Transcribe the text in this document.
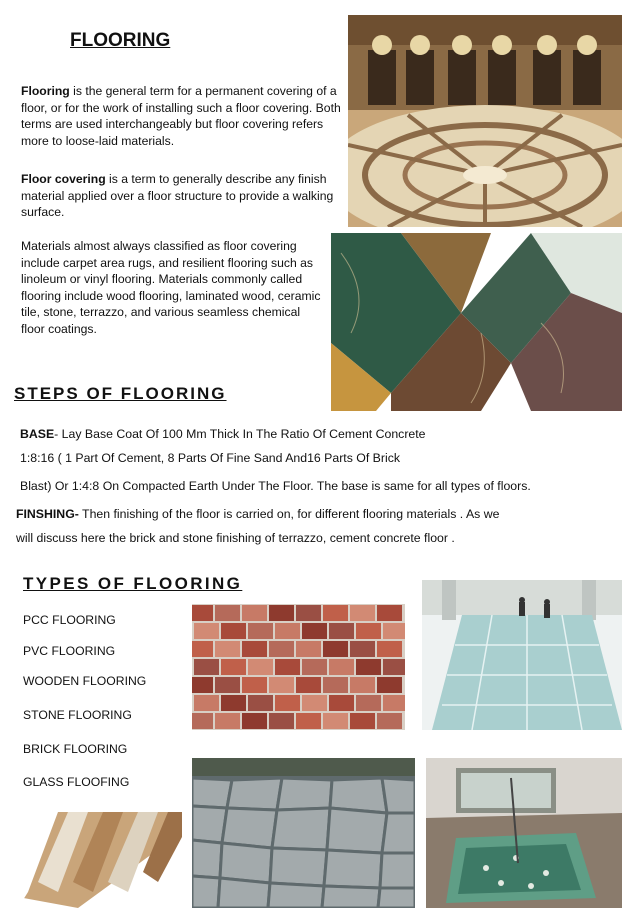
FLOORING
Flooring is the general term for a permanent covering of a floor, or for the work of installing such a floor covering. Both terms are used interchangeably but floor covering refers more to loose-laid materials.
Floor covering is a term to generally describe any finish material applied over a floor structure to provide a walking surface.
Materials almost always classified as floor covering include carpet area rugs, and resilient flooring such as linoleum or vinyl flooring. Materials commonly called flooring include wood flooring, laminated wood, ceramic tile, stone, terrazzo, and various seamless chemical floor coatings.
STEPS OF FLOORING
BASE- Lay Base Coat Of 100 Mm Thick In The Ratio Of Cement Concrete
1:8:16 ( 1 Part Of Cement, 8 Parts Of Fine Sand And16 Parts Of Brick
Blast) Or 1:4:8 On Compacted Earth Under The Floor. The base is same for all types of floors.
FINSHING- Then finishing of the floor is carried on, for different flooring materials . As we
will discuss here the brick and stone finishing of terrazzo, cement concrete floor .
TYPES OF FLOORING
PCC FLOORING
PVC FLOORING
WOODEN FLOORING
STONE FLOORING
BRICK FLOORING
GLASS FLOOFING
